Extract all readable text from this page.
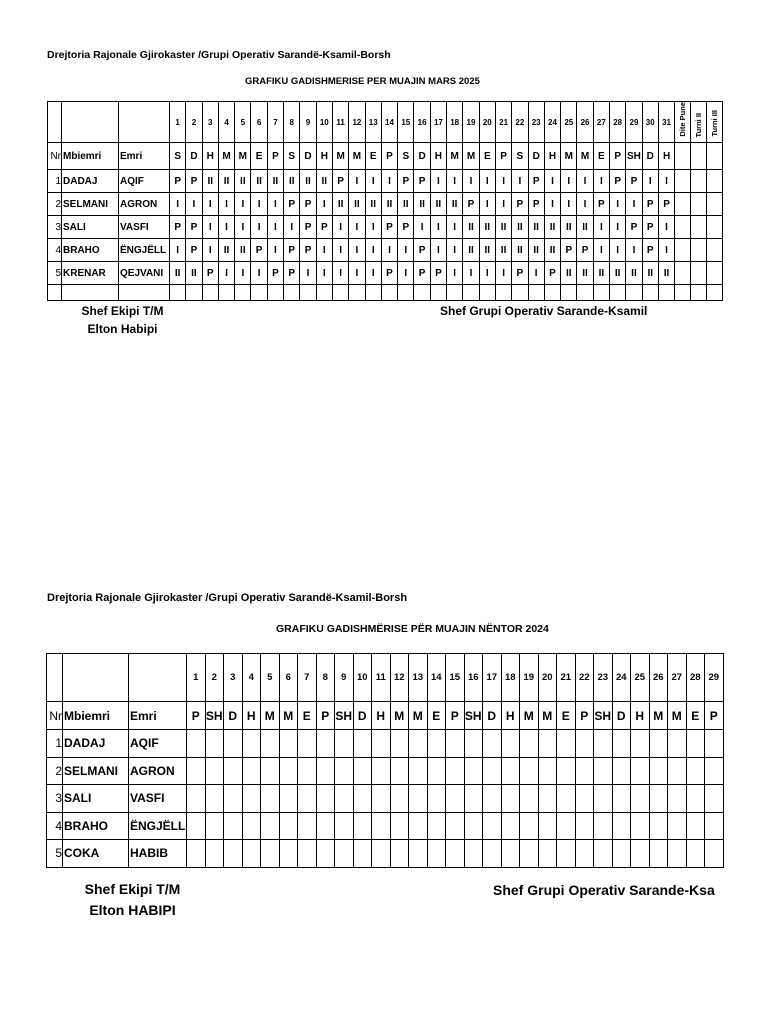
Drejtoria Rajonale Gjirokaster /Grupi Operativ Sarandë-Ksamil-Borsh
GRAFIKU GADISHMERISE PER MUAJIN MARS 2025
			1	2	3	4	5	6	7	8	9	10	11	12	13	14	15	16	17	18	19	20	21	22	23	24	25	26	27	28	29	30	31	Dite Pune	Turni II	Turni III
Nr	Mbiemri	Emri	S	D	H	M	M	E	P	S	D	H	M	M	E	P	S	D	H	M	M	E	P	S	D	H	M	M	E	P	SH	D	H			
1	DADAJ	AQIF	P	P	II	II	II	II	II	II	II	II	P	I	I	I	P	P	I	I	I	I	I	I	P	I	I	I	I	P	P	I	I			
2	SELMANI	AGRON	I	I	I	I	I	I	I	P	P	I	II	II	II	II	II	II	II	II	P	I	I	P	P	I	I	I	P	I	I	P	P			
3	SALI	VASFI	P	P	I	I	I	I	I	I	P	P	I	I	I	P	P	I	I	I	II	II	II	II	II	II	II	II	I	I	P	P	I			
4	BRAHO	ËNGJËLL	I	P	I	II	II	P	I	P	P	I	I	I	I	I	I	P	I	I	II	II	II	II	II	II	P	P	I	I	I	P	I			
5	KRENAR	QEJVANI	II	II	P	I	I	I	P	P	I	I	I	I	I	P	I	P	P	I	I	I	I	P	I	P	II	II	II	II	II	II	II			

Shef Ekipi T/M
Elton Habipi
Shef Grupi Operativ Sarande-Ksamil
Drejtoria Rajonale Gjirokaster /Grupi Operativ Sarandë-Ksamil-Borsh
GRAFIKU GADISHMËRISE PËR MUAJIN NËNTOR 2024
			1	2	3	4	5	6	7	8	9	10	11	12	13	14	15	16	17	18	19	20	21	22	23	24	25	26	27	28	29
Nr	Mbiemri	Emri	P	SH	D	H	M	M	E	P	SH	D	H	M	M	E	P	SH	D	H	M	M	E	P	SH	D	H	M	M	E	P
1	DADAJ	AQIF																													
2	SELMANI	AGRON																													
3	SALI	VASFI																													
4	BRAHO	ËNGJËLL																													
5	COKA	HABIB																													
Shef Ekipi T/M
Elton HABIPI
Shef Grupi Operativ Sarande-Ksa
